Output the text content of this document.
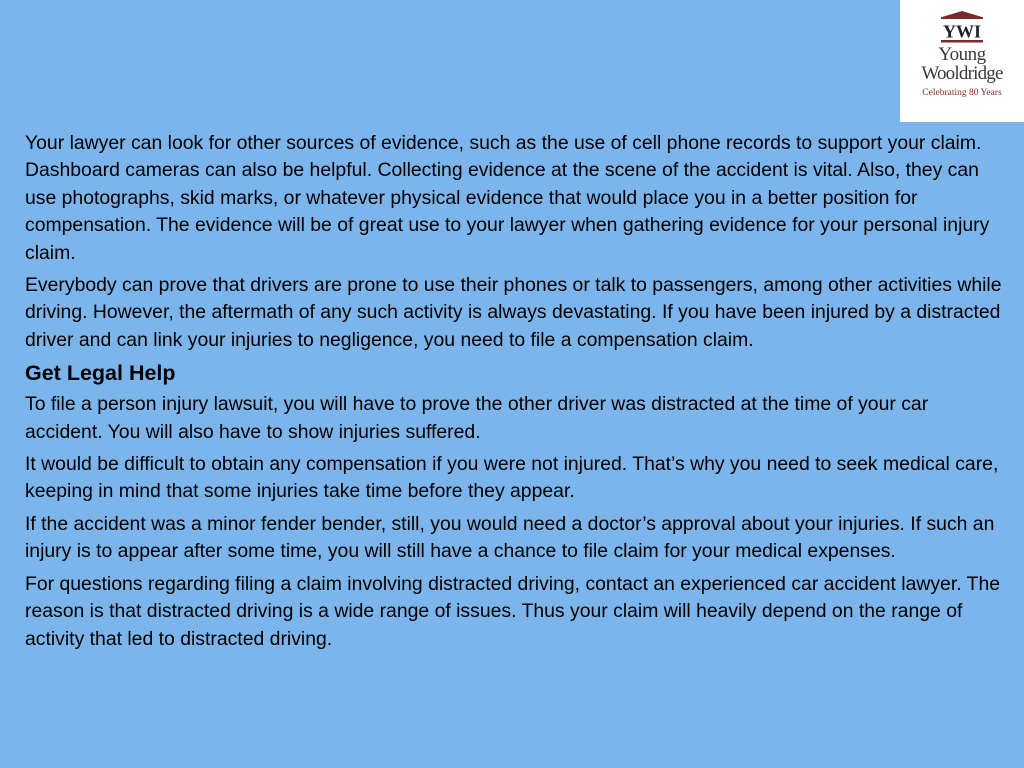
YWI
Young
Wooldridge
Celebrating 80 Years

Your lawyer can look for other sources of evidence, such as the use of cell phone records to support your claim. Dashboard cameras can also be helpful. Collecting evidence at the scene of the accident is vital. Also, they can use photographs, skid marks, or whatever physical evidence that would place you in a better position for compensation. The evidence will be of great use to your lawyer when gathering evidence for your personal injury claim.

Everybody can prove that drivers are prone to use their phones or talk to passengers, among other activities while driving. However, the aftermath of any such activity is always devastating. If you have been injured by a distracted driver and can link your injuries to negligence, you need to file a compensation claim.

Get Legal Help

To file a person injury lawsuit, you will have to prove the other driver was distracted at the time of your car accident. You will also have to show injuries suffered.

It would be difficult to obtain any compensation if you were not injured. That’s why you need to seek medical care, keeping in mind that some injuries take time before they appear.

If the accident was a minor fender bender, still, you would need a doctor’s approval about your injuries. If such an injury is to appear after some time, you will still have a chance to file claim for your medical expenses.

For questions regarding filing a claim involving distracted driving, contact an experienced car accident lawyer. The reason is that distracted driving is a wide range of issues. Thus your claim will heavily depend on the range of activity that led to distracted driving.
